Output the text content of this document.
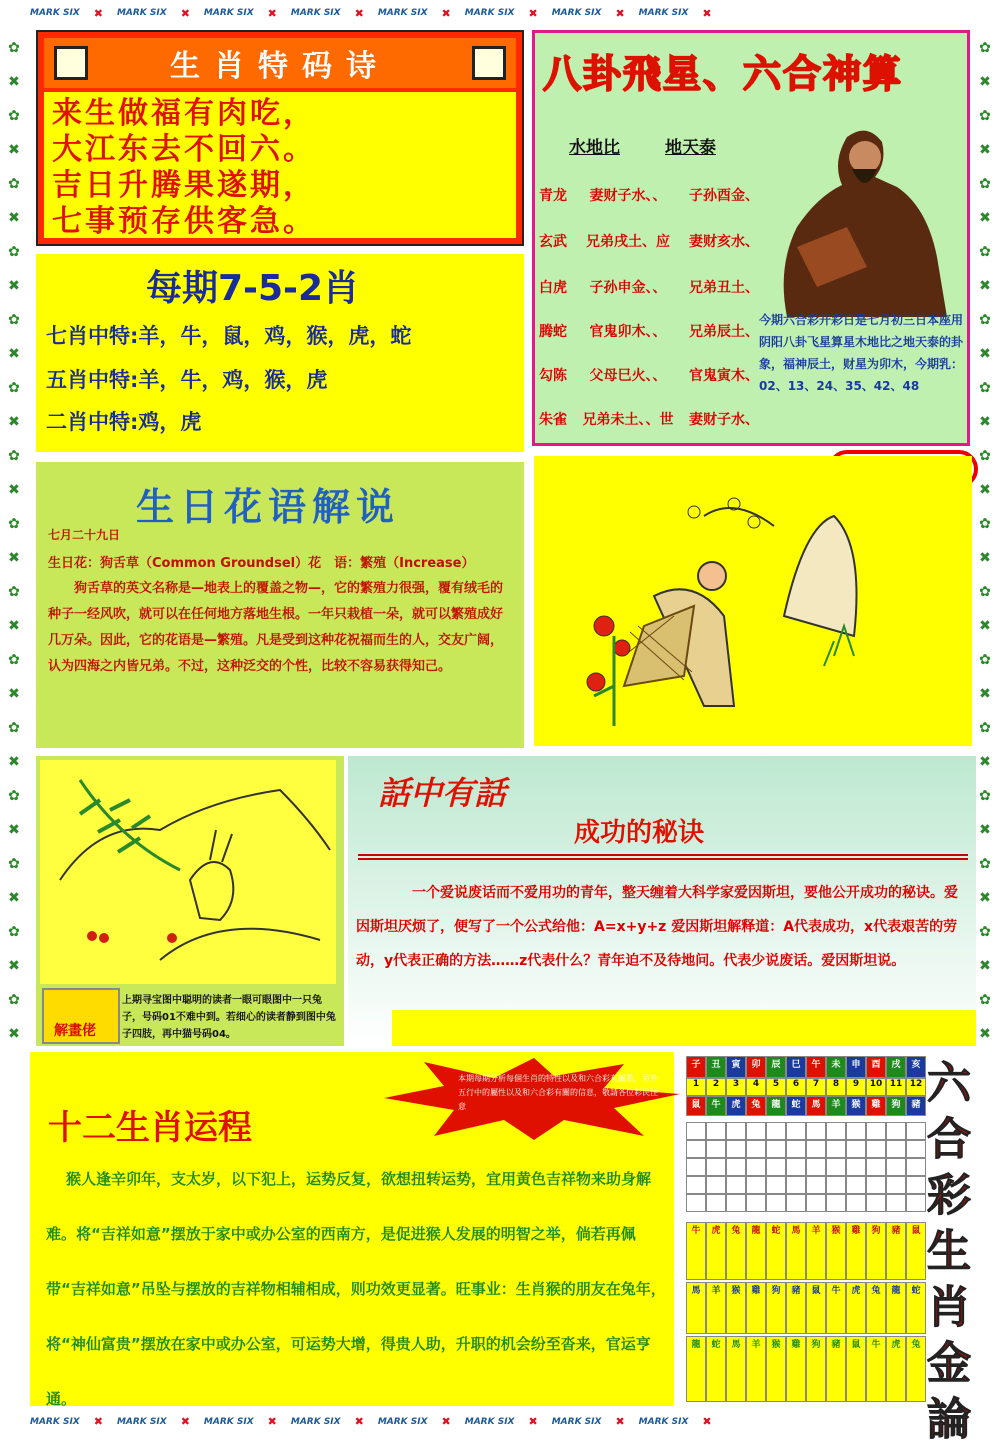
MARK SIX ✖ MARK SIX ✖ MARK SIX ✖ MARK SIX ✖ MARK SIX ✖ MARK SIX ✖ MARK SIX ✖ MARK SIX ✖
MARK SIX ✖ MARK SIX ✖ MARK SIX ✖ MARK SIX ✖ MARK SIX ✖ MARK SIX ✖ MARK SIX ✖ MARK SIX ✖
✿
✖
✿
✖
✿
✖
✿
✖
✿
✖
✿
✖
✿
✖
✿
✖
✿
✖
✿
✖
✿
✖
✿
✖
✿
✖
✿
✖
✿
✖
✿
✖
✿
✖
✿
✖
✿
✖
✿
✖
✿
✖
✿
✖
✿
✖
✿
✖
✿
✖
✿
✖
✿
✖
✿
✖
✿
✖
✿
✖
生肖特码诗
来生做福有肉吃，
大江东去不回六。
吉日升腾果遂期，
七事预存供客急。
每期7-5-2肖
七肖中特:羊，牛，鼠，鸡，猴，虎，蛇
五肖中特:羊，牛，鸡，猴，虎
二肖中特:鸡，虎
八卦飛星、六合神算
水地比	地天泰
青龙 妻财子水、、 子孙酉金、
玄武 兄弟戌土、应 妻财亥水、
白虎 子孙申金、、 兄弟丑土、
腾蛇 官鬼卯木、、 兄弟辰土、
勾陈 父母巳火、、 官鬼寅木、
朱雀 兄弟未土、、世 妻财子水、
今期六合彩开彩日是七月初三日本座用阴阳八卦飞星算星木地比之地天泰的卦象，福神辰土，财星为卯木，今期乳：02、13、24、35、42、48
生日花语解说
七月二十九日
生日花：狗舌草（Common Groundsel）花　语：繁殖（Increase）
狗舌草的英文名称是—地表上的覆盖之物—，它的繁殖力很强，覆有绒毛的种子一经风吹，就可以在任何地方落地生根。一年只栽植一朵，就可以繁殖成好几万朵。因此，它的花语是—繁殖。凡是受到这种花祝福而生的人，交友广阔，认为四海之内皆兄弟。不过，这种泛交的个性，比较不容易获得知己。
解畫佬
上期寻宝图中聪明的读者一眼可眼图中一只兔子，号码01不难中到。若细心的读者静到图中兔子四肢，再中猫号码04。
話中有話
成功的秘诀
一个爱说废话而不爱用功的青年，整天缠着大科学家爱因斯坦，要他公开成功的秘诀。爱因斯坦厌烦了，便写了一个公式给他：A=x+y+z 爱因斯坦解释道：A代表成功，x代表艰苦的劳动，y代表正确的方法……z代表什么？青年迫不及待地问。代表少说废话。爱因斯坦说。
本期每期分析每個生肖的特性以及和六合彩有關系，另外五行中的屬性以及和六合彩有關的信息，敬請各位彩民注意
十二生肖运程
猴人逢辛卯年，支太岁，以下犯上，运势反复，欲想扭转运势，宜用黄色吉祥物来助身解难。将“吉祥如意”摆放于家中或办公室的西南方，是促进猴人发展的明智之举，倘若再佩带“吉祥如意”吊坠与摆放的吉祥物相辅相成，则功效更显著。旺事业：生肖猴的朋友在兔年，将“神仙富贵”摆放在家中或办公室，可运势大增，得贵人助，升职的机会纷至沓来，官运亨通。
子
1
鼠
牛
馬
龍
丑
2
牛
虎
羊
蛇
寅
3
虎
兔
猴
馬
卯
4
兔
龍
雞
羊
辰
5
龍
蛇
狗
猴
巳
6
蛇
馬
豬
雞
午
7
馬
羊
鼠
狗
未
8
羊
猴
牛
豬
申
9
猴
雞
虎
鼠
酉
10
雞
狗
兔
牛
戌
11
狗
豬
龍
虎
亥
12
豬
鼠
蛇
兔
六
合
彩
生
肖
金
論
